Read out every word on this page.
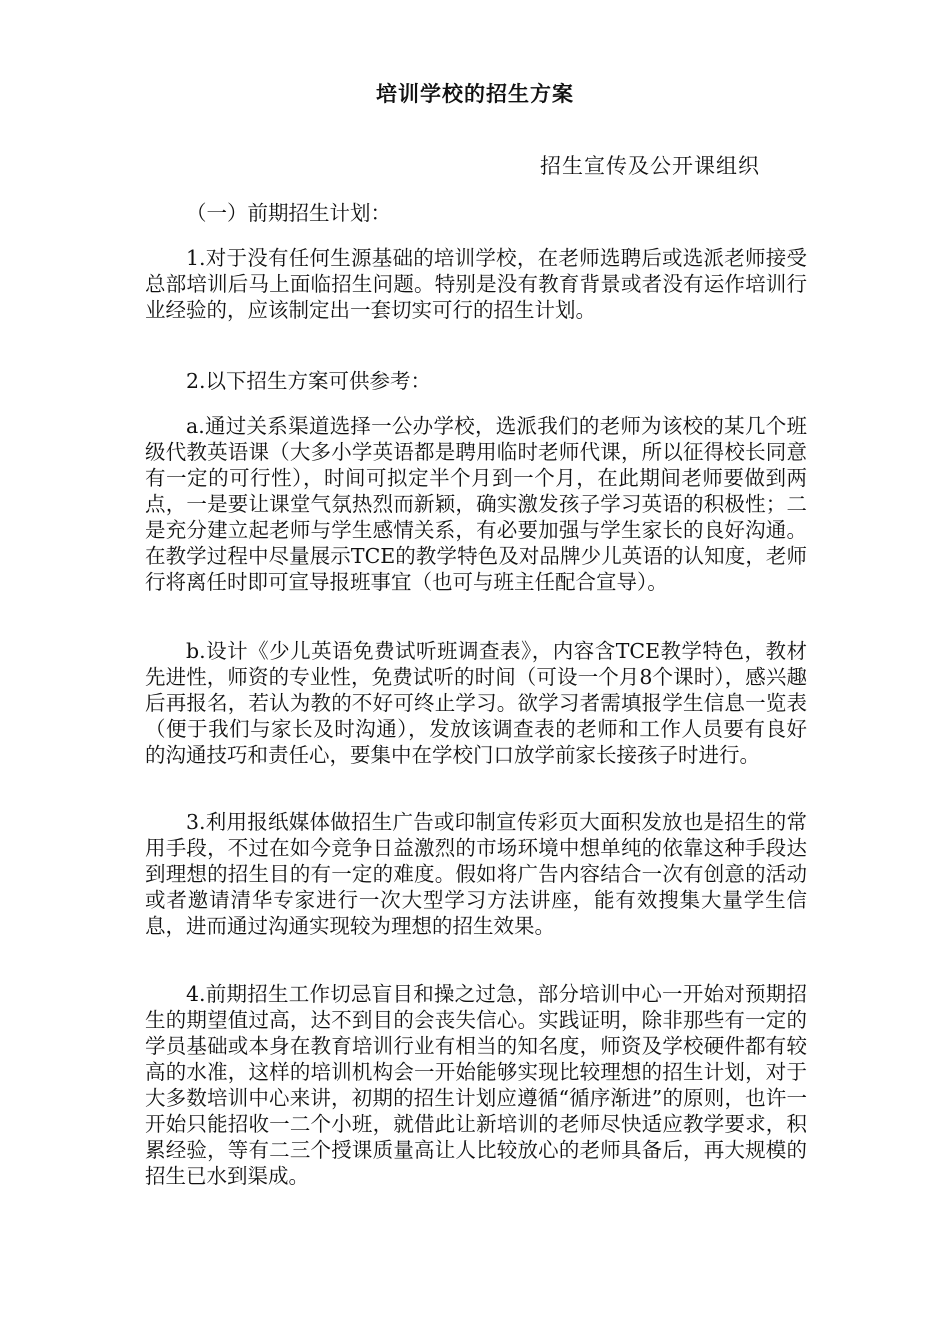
培训学校的招生方案
招生宣传及公开课组织

（一）前期招生计划：

1.对于没有任何生源基础的培训学校，在老师选聘后或选派老师接受总部培训后马上面临招生问题。特别是没有教育背景或者没有运作培训行业经验的，应该制定出一套切实可行的招生计划。

2.以下招生方案可供参考：

a.通过关系渠道选择一公办学校，选派我们的老师为该校的某几个班级代教英语课（大多小学英语都是聘用临时老师代课，所以征得校长同意有一定的可行性），时间可拟定半个月到一个月，在此期间老师要做到两点，一是要让课堂气氛热烈而新颖，确实激发孩子学习英语的积极性；二是充分建立起老师与学生感情关系，有必要加强与学生家长的良好沟通。在教学过程中尽量展示TCE的教学特色及对品牌少儿英语的认知度，老师行将离任时即可宣导报班事宜（也可与班主任配合宣导）。

b.设计《少儿英语免费试听班调查表》，内容含TCE教学特色，教材先进性，师资的专业性，免费试听的时间（可设一个月8个课时），感兴趣后再报名，若认为教的不好可终止学习。欲学习者需填报学生信息一览表（便于我们与家长及时沟通），发放该调查表的老师和工作人员要有良好的沟通技巧和责任心，要集中在学校门口放学前家长接孩子时进行。

3.利用报纸媒体做招生广告或印制宣传彩页大面积发放也是招生的常用手段，不过在如今竞争日益激烈的市场环境中想单纯的依靠这种手段达到理想的招生目的有一定的难度。假如将广告内容结合一次有创意的活动或者邀请清华专家进行一次大型学习方法讲座，能有效搜集大量学生信息，进而通过沟通实现较为理想的招生效果。

4.前期招生工作切忌盲目和操之过急，部分培训中心一开始对预期招生的期望值过高，达不到目的会丧失信心。实践证明，除非那些有一定的学员基础或本身在教育培训行业有相当的知名度，师资及学校硬件都有较高的水准，这样的培训机构会一开始能够实现比较理想的招生计划，对于大多数培训中心来讲，初期的招生计划应遵循“循序渐进”的原则，也许一开始只能招收一二个小班，就借此让新培训的老师尽快适应教学要求，积累经验，等有二三个授课质量高让人比较放心的老师具备后，再大规模的招生已水到渠成。
